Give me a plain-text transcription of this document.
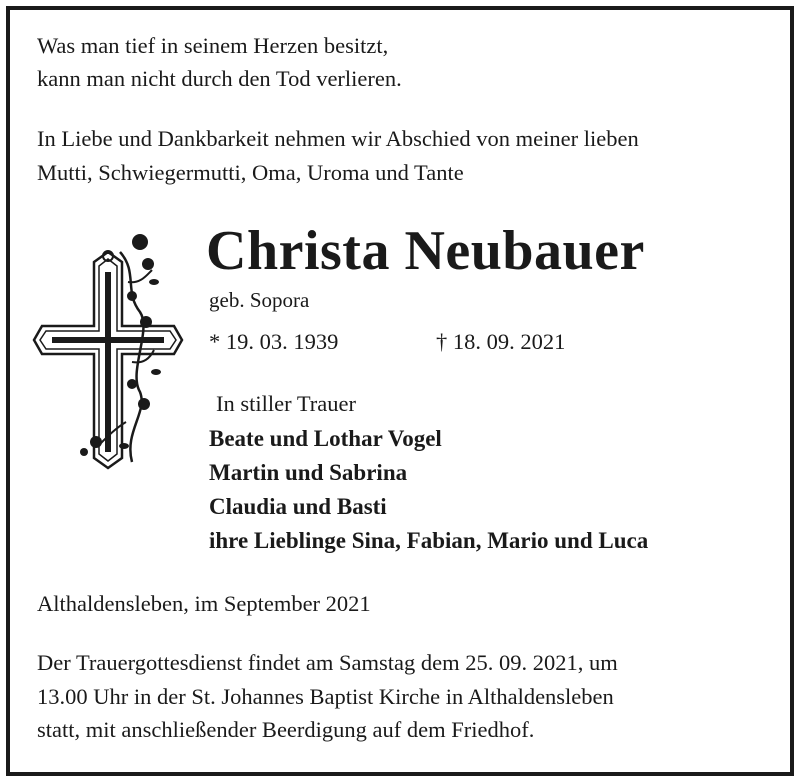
Was man tief in seinem Herzen besitzt,
kann man nicht durch den Tod verlieren.
In Liebe und Dankbarkeit nehmen wir Abschied von meiner lieben
Mutti, Schwiegermutti, Oma, Uroma und Tante
Christa Neubauer
geb. Sopora
* 19. 03. 1939	† 18. 09. 2021
In stiller Trauer
Beate und Lothar Vogel
Martin und Sabrina
Claudia und Basti
ihre Lieblinge Sina, Fabian, Mario und Luca
Althaldensleben, im September 2021
Der Trauergottesdienst findet am Samstag dem 25. 09. 2021, um
13.00 Uhr in der St. Johannes Baptist Kirche in Althaldensleben
statt, mit anschließender Beerdigung auf dem Friedhof.
